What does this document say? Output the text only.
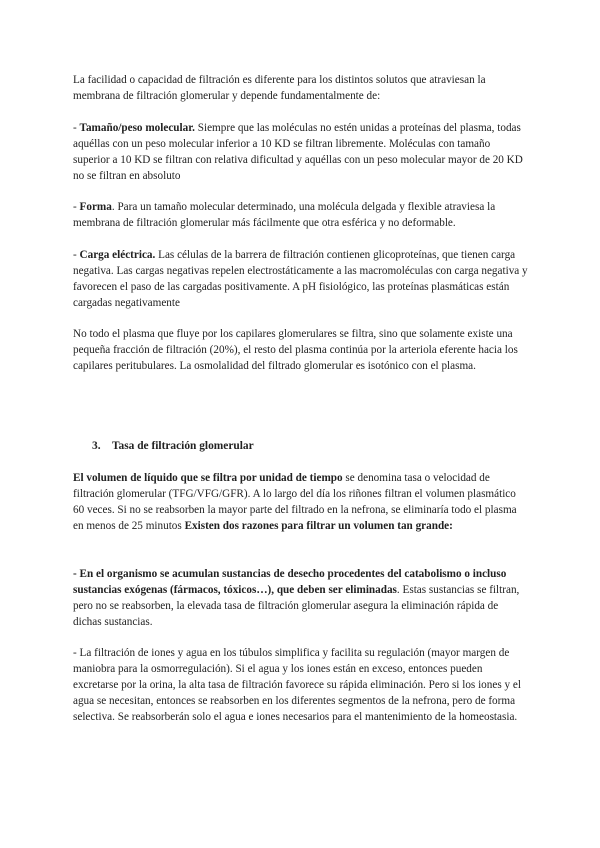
La facilidad o capacidad de filtración es diferente para los distintos solutos que atraviesan la membrana de filtración glomerular y depende fundamentalmente de:

- Tamaño/peso molecular. Siempre que las moléculas no estén unidas a proteínas del plasma, todas aquéllas con un peso molecular inferior a 10 KD se filtran libremente. Moléculas con tamaño superior a 10 KD se filtran con relativa dificultad y aquéllas con un peso molecular mayor de 20 KD no se filtran en absoluto

- Forma. Para un tamaño molecular determinado, una molécula delgada y flexible atraviesa la membrana de filtración glomerular más fácilmente que otra esférica y no deformable.

- Carga eléctrica. Las células de la barrera de filtración contienen glicoproteínas, que tienen carga negativa. Las cargas negativas repelen electrostáticamente a las macromoléculas con carga negativa y favorecen el paso de las cargadas positivamente. A pH fisiológico, las proteínas plasmáticas están cargadas negativamente

No todo el plasma que fluye por los capilares glomerulares se filtra, sino que solamente existe una pequeña fracción de filtración (20%), el resto del plasma continúa por la arteriola eferente hacia los capilares peritubulares. La osmolalidad del filtrado glomerular es isotónico con el plasma.

3. Tasa de filtración glomerular

El volumen de líquido que se filtra por unidad de tiempo se denomina tasa o velocidad de filtración glomerular (TFG/VFG/GFR). A lo largo del día los riñones filtran el volumen plasmático 60 veces. Si no se reabsorben la mayor parte del filtrado en la nefrona, se eliminaría todo el plasma en menos de 25 minutos Existen dos razones para filtrar un volumen tan grande:

- En el organismo se acumulan sustancias de desecho procedentes del catabolismo o incluso sustancias exógenas (fármacos, tóxicos…), que deben ser eliminadas. Estas sustancias se filtran, pero no se reabsorben, la elevada tasa de filtración glomerular asegura la eliminación rápida de dichas sustancias.

- La filtración de iones y agua en los túbulos simplifica y facilita su regulación (mayor margen de maniobra para la osmorregulación). Si el agua y los iones están en exceso, entonces pueden excretarse por la orina, la alta tasa de filtración favorece su rápida eliminación. Pero si los iones y el agua se necesitan, entonces se reabsorben en los diferentes segmentos de la nefrona, pero de forma selectiva. Se reabsorberán solo el agua e iones necesarios para el mantenimiento de la homeostasia.
